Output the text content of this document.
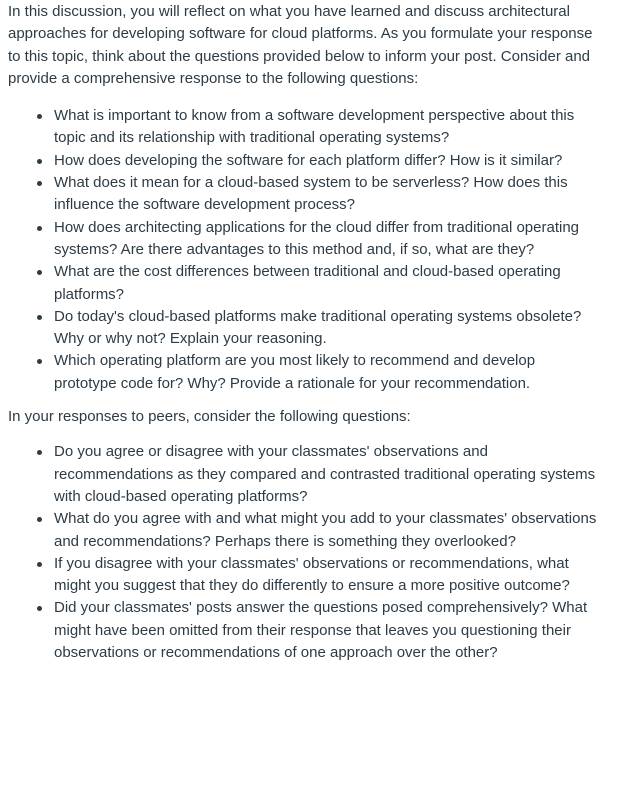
In this discussion, you will reflect on what you have learned and discuss architectural approaches for developing software for cloud platforms. As you formulate your response to this topic, think about the questions provided below to inform your post. Consider and provide a comprehensive response to the following questions:

What is important to know from a software development perspective about this topic and its relationship with traditional operating systems?
How does developing the software for each platform differ? How is it similar?
What does it mean for a cloud-based system to be serverless? How does this influence the software development process?
How does architecting applications for the cloud differ from traditional operating systems? Are there advantages to this method and, if so, what are they?
What are the cost differences between traditional and cloud-based operating platforms?
Do today's cloud-based platforms make traditional operating systems obsolete? Why or why not? Explain your reasoning.
Which operating platform are you most likely to recommend and develop prototype code for? Why? Provide a rationale for your recommendation.

In your responses to peers, consider the following questions:

Do you agree or disagree with your classmates' observations and recommendations as they compared and contrasted traditional operating systems with cloud-based operating platforms?
What do you agree with and what might you add to your classmates' observations and recommendations? Perhaps there is something they overlooked?
If you disagree with your classmates' observations or recommendations, what might you suggest that they do differently to ensure a more positive outcome?
Did your classmates' posts answer the questions posed comprehensively? What might have been omitted from their response that leaves you questioning their observations or recommendations of one approach over the other?
